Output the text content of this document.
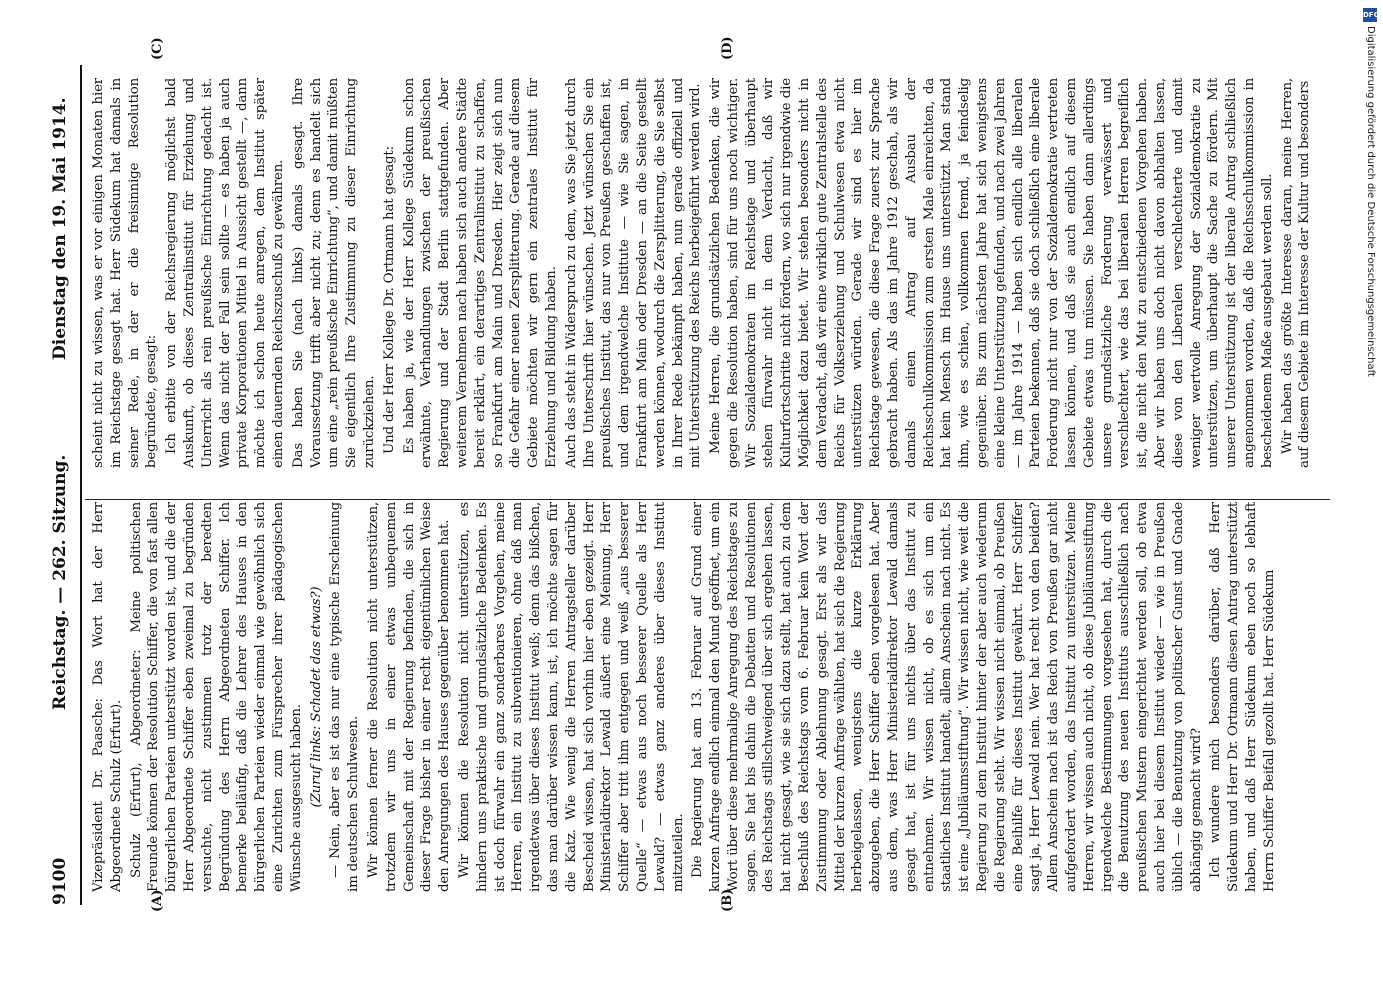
9100
Reichstag. — 262. Sitzung.
Dienstag den 19. Mai 1914.
(A)	(B)
(C)	(D)

Vizepräsident Dr. Paasche: Das Wort hat der Herr Abgeordnete Schulz (Erfurt). Schulz (Erfurt), Abgeordneter: Meine politischen Freunde können der Resolution Schiffer, die von fast allen bürgerlichen Parteien unterstützt worden ist, und die der Herr Abgeordnete Schiffer eben zweimal zu begründen versuchte, nicht zustimmen trotz der beredten Begründung des Herrn Abgeordneten Schiffer. Ich bemerke beiläufig, daß die Lehrer des Hauses in den bürgerlichen Parteien wieder einmal wie gewöhnlich sich eine Zurichten zum Fürsprecher ihrer pädagogischen Wünsche ausgesucht haben. (Zuruf links: Schadet das etwas?) — Nein, aber es ist das nur eine typische Erscheinung im deutschen Schulwesen. Wir können ferner die Resolution nicht unterstützen, trotzdem wir uns in einer etwas unbequemen Gemeinschaft mit der Regierung befinden, die sich in dieser Frage bisher in einer recht eigentümlichen Weise den Anregungen des Hauses gegenüber benommen hat. Wir können die Resolution nicht unterstützen, es hindern uns praktische und grundsätzliche Bedenken. Es ist doch fürwahr ein ganz sonderbares Vorgehen, meine Herren, ein Institut zu subventionieren, ohne daß man irgendetwas über dieses Institut weiß; denn das bißchen, das man darüber wissen kann, ist, ich möchte sagen für die Katz. Wie wenig die Herren Antragsteller darüber Bescheid wissen, hat sich vorhin hier eben gezeigt. Herr Ministerialdirektor Lewald äußert eine Meinung, Herr Schiffer aber tritt ihm entgegen und weiß „aus besserer Quelle“ — etwas aus noch besserer Quelle als Herr Lewald? — etwas ganz anderes über dieses Institut mitzuteilen. Die Regierung hat am 13. Februar auf Grund einer kurzen Anfrage endlich einmal den Mund geöffnet, um ein Wort über diese mehrmalige Anregung des Reichstages zu sagen. Sie hat bis dahin die Debatten und Resolutionen des Reichstags stillschweigend über sich ergehen lassen, hat nicht gesagt, wie sie sich dazu stellt, hat auch zu dem Beschluß des Reichstags vom 6. Februar kein Wort der Zustimmung oder Ablehnung gesagt. Erst als wir das Mittel der kurzen Anfrage wählten, hat sich die Regierung herbeigelassen, wenigstens die kurze Erklärung abzugeben, die Herr Schiffer eben vorgelesen hat. Aber aus dem, was Herr Ministerialdirektor Lewald damals gesagt hat, ist für uns nichts über das Institut zu entnehmen. Wir wissen nicht, ob es sich um ein staatliches Institut handelt, allem Anschein nach nicht. Es ist eine „Jubiläumsstiftung“. Wir wissen nicht, wie weit die Regierung zu dem Institut hinter der aber auch wiederum die Regierung steht. Wir wissen nicht einmal, ob Preußen eine Beihilfe für dieses Institut gewährt. Herr Schiffer sagt ja, Herr Lewald nein. Wer hat recht von den beiden? Allem Anschein nach ist das Reich von Preußen gar nicht aufgefordert worden, das Institut zu unterstützen. Meine Herren, wir wissen auch nicht, ob diese Jubiläumsstiftung irgendwelche Bestimmungen vorgesehen hat, durch die die Benutzung des neuen Instituts ausschließlich nach preußischen Mustern eingerichtet werden soll, ob etwa auch hier bei diesem Institut wieder — wie in Preußen üblich — die Benutzung von politischer Gunst und Gnade abhängig gemacht wird? Ich wundere mich besonders darüber, daß Herr Südekum und Herr Dr. Ortmann diesen Antrag unterstützt haben, und daß Herr Südekum eben noch so lebhaft Herrn Schiffer Beifall gezollt hat. Herr Südekum

scheint nicht zu wissen, was er vor einigen Monaten hier im Reichstage gesagt hat. Herr Südekum hat damals in seiner Rede, in der er die freisinnige Resolution begründete, gesagt: Ich erbitte von der Reichsregierung möglichst bald Auskunft, ob dieses Zentralinstitut für Erziehung und Unterricht als rein preußische Einrichtung gedacht ist. Wenn das nicht der Fall sein sollte — es haben ja auch private Korporationen Mittel in Aussicht gestellt —, dann möchte ich schon heute anregen, dem Institut später einen dauernden Reichszuschuß zu gewähren. Das haben Sie (nach links) damals gesagt. Ihre Voraussetzung trifft aber nicht zu; denn es handelt sich um eine „rein preußische Einrichtung“, und damit müßten Sie eigentlich Ihre Zustimmung zu dieser Einrichtung zurückziehen. Und der Herr Kollege Dr. Ortmann hat gesagt: Es haben ja, wie der Herr Kollege Südekum schon erwähnte, Verhandlungen zwischen der preußischen Regierung und der Stadt Berlin stattgefunden. Aber weiterem Vernehmen nach haben sich auch andere Städte bereit erklärt, ein derartiges Zentralinstitut zu schaffen, so Frankfurt am Main und Dresden. Hier zeigt sich nun die Gefahr einer neuen Zersplitterung. Gerade auf diesem Gebiete möchten wir gern ein zentrales Institut für Erziehung und Bildung haben. Auch das steht in Widerspruch zu dem, was Sie jetzt durch Ihre Unterschrift hier wünschen. Jetzt wünschen Sie ein preußisches Institut, das nur von Preußen geschaffen ist, und dem irgendwelche Institute — wie Sie sagen, in Frankfurt am Main oder Dresden — an die Seite gestellt werden können, wodurch die Zersplitterung, die Sie selbst in Ihrer Rede bekämpft haben, nun gerade offiziell und mit Unterstützung des Reichs herbeigeführt werden wird. Meine Herren, die grundsätzlichen Bedenken, die wir gegen die Resolution haben, sind für uns noch wichtiger. Wir Sozialdemokraten im Reichstage und überhaupt stehen fürwahr nicht in dem Verdacht, daß wir Kulturfortschritte nicht fördern, wo sich nur irgendwie die Möglichkeit dazu bietet. Wir stehen besonders nicht in dem Verdacht, daß wir eine wirklich gute Zentralstelle des Reichs für Volkserziehung und Schulwesen etwa nicht unterstützen würden. Gerade wir sind es hier im Reichstage gewesen, die diese Frage zuerst zur Sprache gebracht haben. Als das im Jahre 1912 geschah, als wir damals einen Antrag auf Ausbau der Reichsschulkommission zum ersten Male einreichten, da hat kein Mensch im Hause uns unterstützt. Man stand ihm, wie es schien, vollkommen fremd, ja feindselig gegenüber. Bis zum nächsten Jahre hat sich wenigstens eine kleine Unterstützung gefunden, und nach zwei Jahren — im Jahre 1914 — haben sich endlich alle liberalen Parteien bekennen, daß sie doch schließlich eine liberale Forderung nicht nur von der Sozialdemokratie vertreten lassen können, und daß sie auch endlich auf diesem Gebiete etwas tun müssen. Sie haben dann allerdings unsere grundsätzliche Forderung verwässert und verschlechtert, wie das bei liberalen Herren begreiflich ist, die nicht den Mut zu entschiedenen Vorgehen haben. Aber wir haben uns doch nicht davon abhalten lassen, diese von den Liberalen verschlechterte und damit weniger wertvolle Anregung der Sozialdemokratie zu unterstützen, um überhaupt die Sache zu fördern. Mit unserer Unterstützung ist der liberale Antrag schließlich angenommen worden, daß die Reichsschulkommission in bescheidenem Maße ausgebaut werden soll. Wir haben das größte Interesse daran, meine Herren, auf diesem Gebiete im Interesse der Kultur und besonders

DFG
Digitalisierung gefördert durch die Deutsche Forschungsgemeinschaft
